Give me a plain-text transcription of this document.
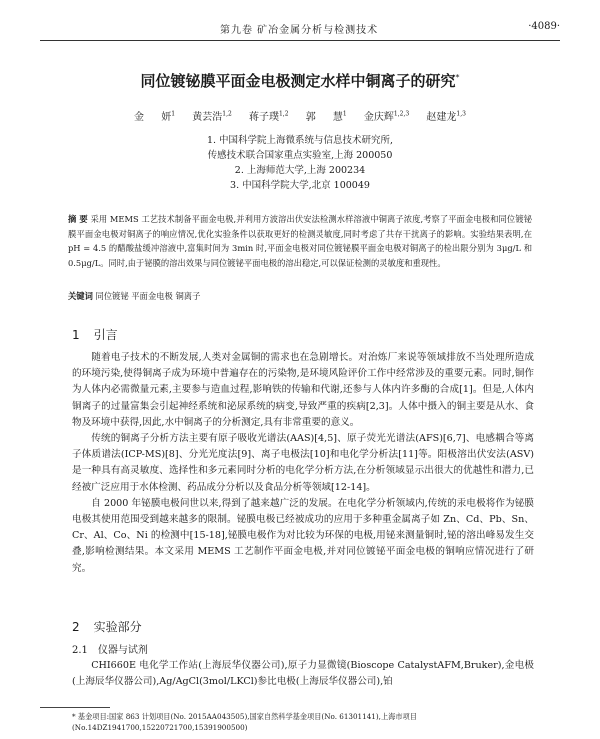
第九卷 矿冶金属分析与检测技术	·4089·
同位镀铋膜平面金电极测定水样中铜离子的研究*
金 妍$^1$ 黄芸浩$^{1,2}$ 蒋子璞$^{1,2}$ 郭 慧$^1$ 金庆辉$^{1,2,3}$ 赵建龙$^{1,3}$
1. 中国科学院上海微系统与信息技术研究所,
传感技术联合国家重点实验室,上海 200050
2. 上海师范大学,上海 200234
3. 中国科学院大学,北京 100049
摘 要 采用 MEMS 工艺技术制备平面金电极,并利用方波溶出伏安法检测水样溶液中铜离子浓度,考察了平面金电极和同位镀铋膜平面金电极对铜离子的响应情况,优化实验条件以获取更好的检测灵敏度,同时考虑了共存干扰离子的影响。实验结果表明,在 pH = 4.5 的醋酸盐缓冲溶液中,富集时间为 3min 时,平面金电极对同位镀铋膜平面金电极对铜离子的检出限分别为 3μg/L 和 0.5μg/L。同时,由于铋膜的溶出效果与同位镀铋平面电极的溶出稳定,可以保证检测的灵敏度和重现性。
关键词 同位镀铋 平面金电极 铜离子
1 引言

随着电子技术的不断发展,人类对金属铜的需求也在急剧增长。对治炼厂来说等领域排放不当处理所造成的环境污染,使得铜离子成为环境中普遍存在的污染物,是环境风险评价工作中经常涉及的重要元素。同时,铜作为人体内必需微量元素,主要参与造血过程,影响铁的传输和代谢,还参与人体内许多酶的合成[1]。但是,人体内铜离子的过量富集会引起神经系统和泌尿系统的病变,导致严重的疾病[2,3]。人体中摄入的铜主要是从水、食物及环境中获得,因此,水中铜离子的分析测定,具有非常重要的意义。

传统的铜离子分析方法主要有原子吸收光谱法(AAS)[4,5]、原子荧光光谱法(AFS)[6,7]、电感耦合等离子体质谱法(ICP-MS)[8]、分光光度法[9]、离子电极法[10]和电化学分析法[11]等。阳极溶出伏安法(ASV)是一种具有高灵敏度、选择性和多元素同时分析的电化学分析方法,在分析领域显示出很大的优越性和潜力,已经被广泛应用于水体检测、药品成分分析以及食品分析等领域[12-14]。

自 2000 年铋膜电极问世以来,得到了越来越广泛的发展。在电化学分析领域内,传统的汞电极将作为铋膜电极其使用范围受到越来越多的限制。铋膜电极已经被成功的应用于多种重金属离子如 Zn、Cd、Pb、Sn、Cr、Al、Co、Ni 的检测中[15-18],铋膜电极作为对比较为环保的电极,用铋来测量铜时,铋的溶出峰易发生交叠,影响检测结果。本文采用 MEMS 工艺制作平面金电极,并对同位镀铋平面金电极的铜响应情况进行了研究。

2 实验部分
2.1 仪器与试剂

CHI660E 电化学工作站(上海辰华仪器公司),原子力显微镜(Bioscope CatalystAFM,Bruker),金电极(上海辰华仪器公司),Ag/AgCl(3mol/LKCl)参比电极(上海辰华仪器公司),铂

* 基金项目:国家 863 计划项目(No. 2015AA043505),国家自然科学基金项目(No. 61301141),上海市项目(No.14DZ1941700,15220721700,15391900500)
